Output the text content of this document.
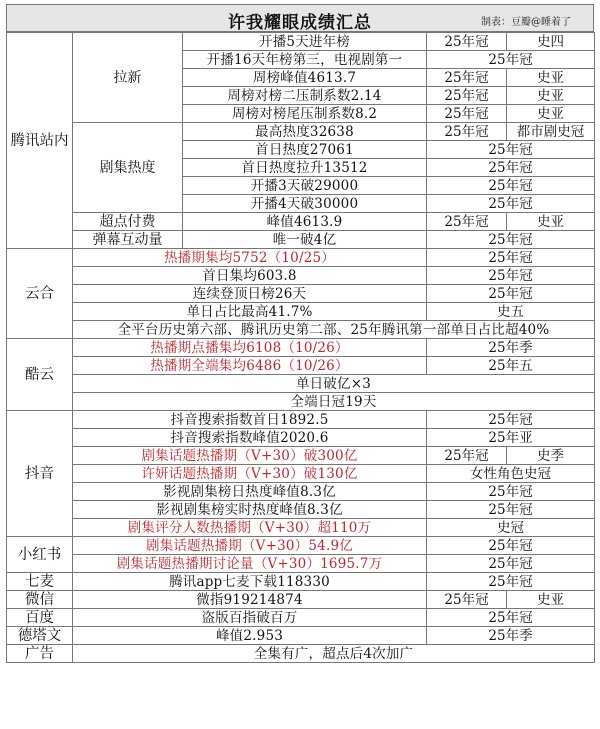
许我耀眼成绩汇总	制表：豆瓣@睡着了
腾讯站内	拉新	开播5天进年榜	25年冠	史四
		开播16天年榜第三，电视剧第一	25年冠	
		周榜峰值4613.7	25年冠	史亚
		周榜对榜二压制系数2.14	25年冠	史亚
		周榜对榜尾压制系数8.2	25年冠	史亚
	剧集热度	最高热度32638	25年冠	都市剧史冠
		首日热度27061	25年冠	
		首日热度拉升13512	25年冠	
		开播3天破29000	25年冠	
		开播4天破30000	25年冠	
	超点付费	峰值4613.9	25年冠	史亚
	弹幕互动量	唯一破4亿	25年冠	
云合	热播期集均5752（10/25）		25年冠	
	首日集均603.8		25年冠	
	连续登顶日榜26天		25年冠	
	单日占比最高41.7%		史五	
	全平台历史第六部、腾讯历史第二部、25年腾讯第一部单日占比超40%			
酷云	热播期点播集均6108（10/26）		25年季	
	热播期全端集均6486（10/26）		25年五	
	单日破亿×3			
	全端日冠19天			
抖音	抖音搜索指数首日1892.5		25年冠	
	抖音搜索指数峰值2020.6		25年亚	
	剧集话题热播期（V+30）破300亿		25年冠	史季
	许妍话题热播期（V+30）破130亿		女性角色史冠	
	影视剧集榜日热度峰值8.3亿		25年冠	
	影视剧集榜实时热度峰值8.3亿		25年冠	
	剧集评分人数热播期（V+30）超110万		史冠	
小红书	剧集话题热播期（V+30）54.9亿		25年冠	
	剧集话题热播期讨论量（V+30）1695.7万		25年冠	
七麦	腾讯app七麦下载118330		25年冠	
微信	微指919214874		25年冠	史亚
百度	盗版百指破百万		25年冠	
德塔文	峰值2.953		25年季	
广告	全集有广，超点后4次加广			
